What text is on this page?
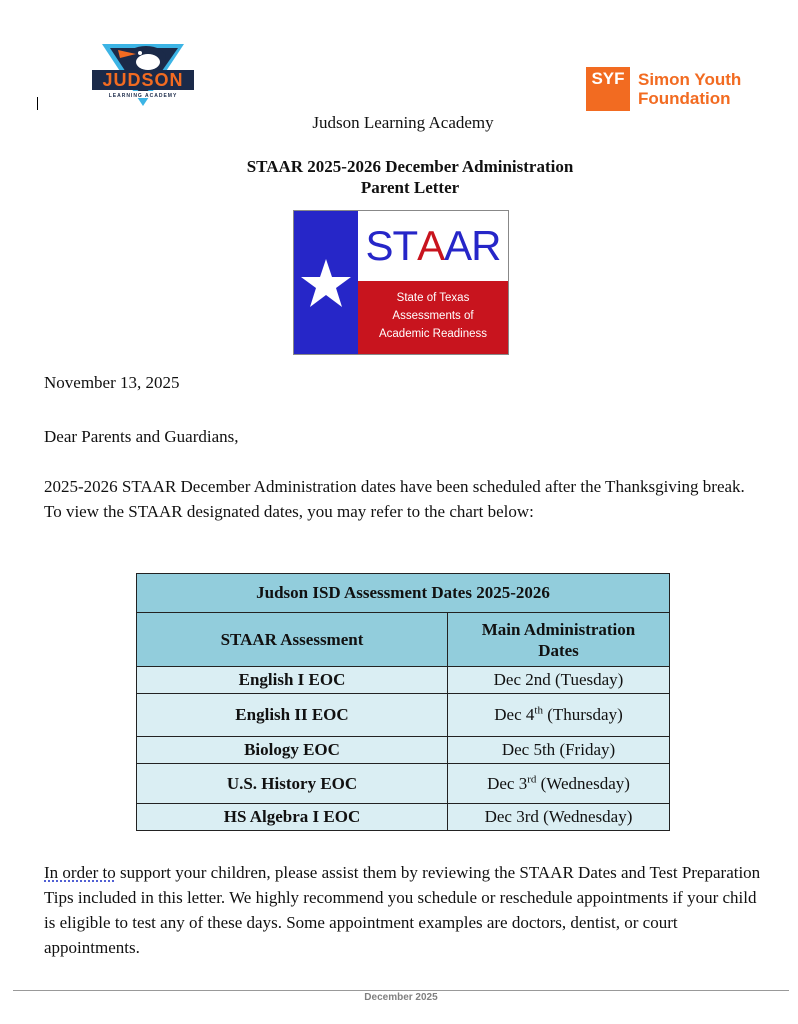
JUDSON
LEARNING ACADEMY
SYF Simon Youth
Foundation
Judson Learning Academy
STAAR 2025-2026 December Administration
Parent Letter
ST A AR
State of Texas
Assessments of
Academic Readiness
November 13, 2025
Dear Parents and Guardians,
2025-2026 STAAR December Administration dates have been scheduled after the Thanksgiving break. To view the STAAR designated dates, you may refer to the chart below:
Judson ISD Assessment Dates 2025-2026	
STAAR Assessment	Main Administration Dates

English I EOC	Dec 2nd (Tuesday)
English II EOC	Dec 4th (Thursday)
Biology EOC	Dec 5th (Friday)
U.S. History EOC	Dec 3rd (Wednesday)
HS Algebra I EOC	Dec 3rd (Wednesday)
In order to support your children, please assist them by reviewing the STAAR Dates and Test Preparation Tips included in this letter. We highly recommend you schedule or reschedule appointments if your child is eligible to test any of these days. Some appointment examples are doctors, dentist, or court appointments.
December 2025
